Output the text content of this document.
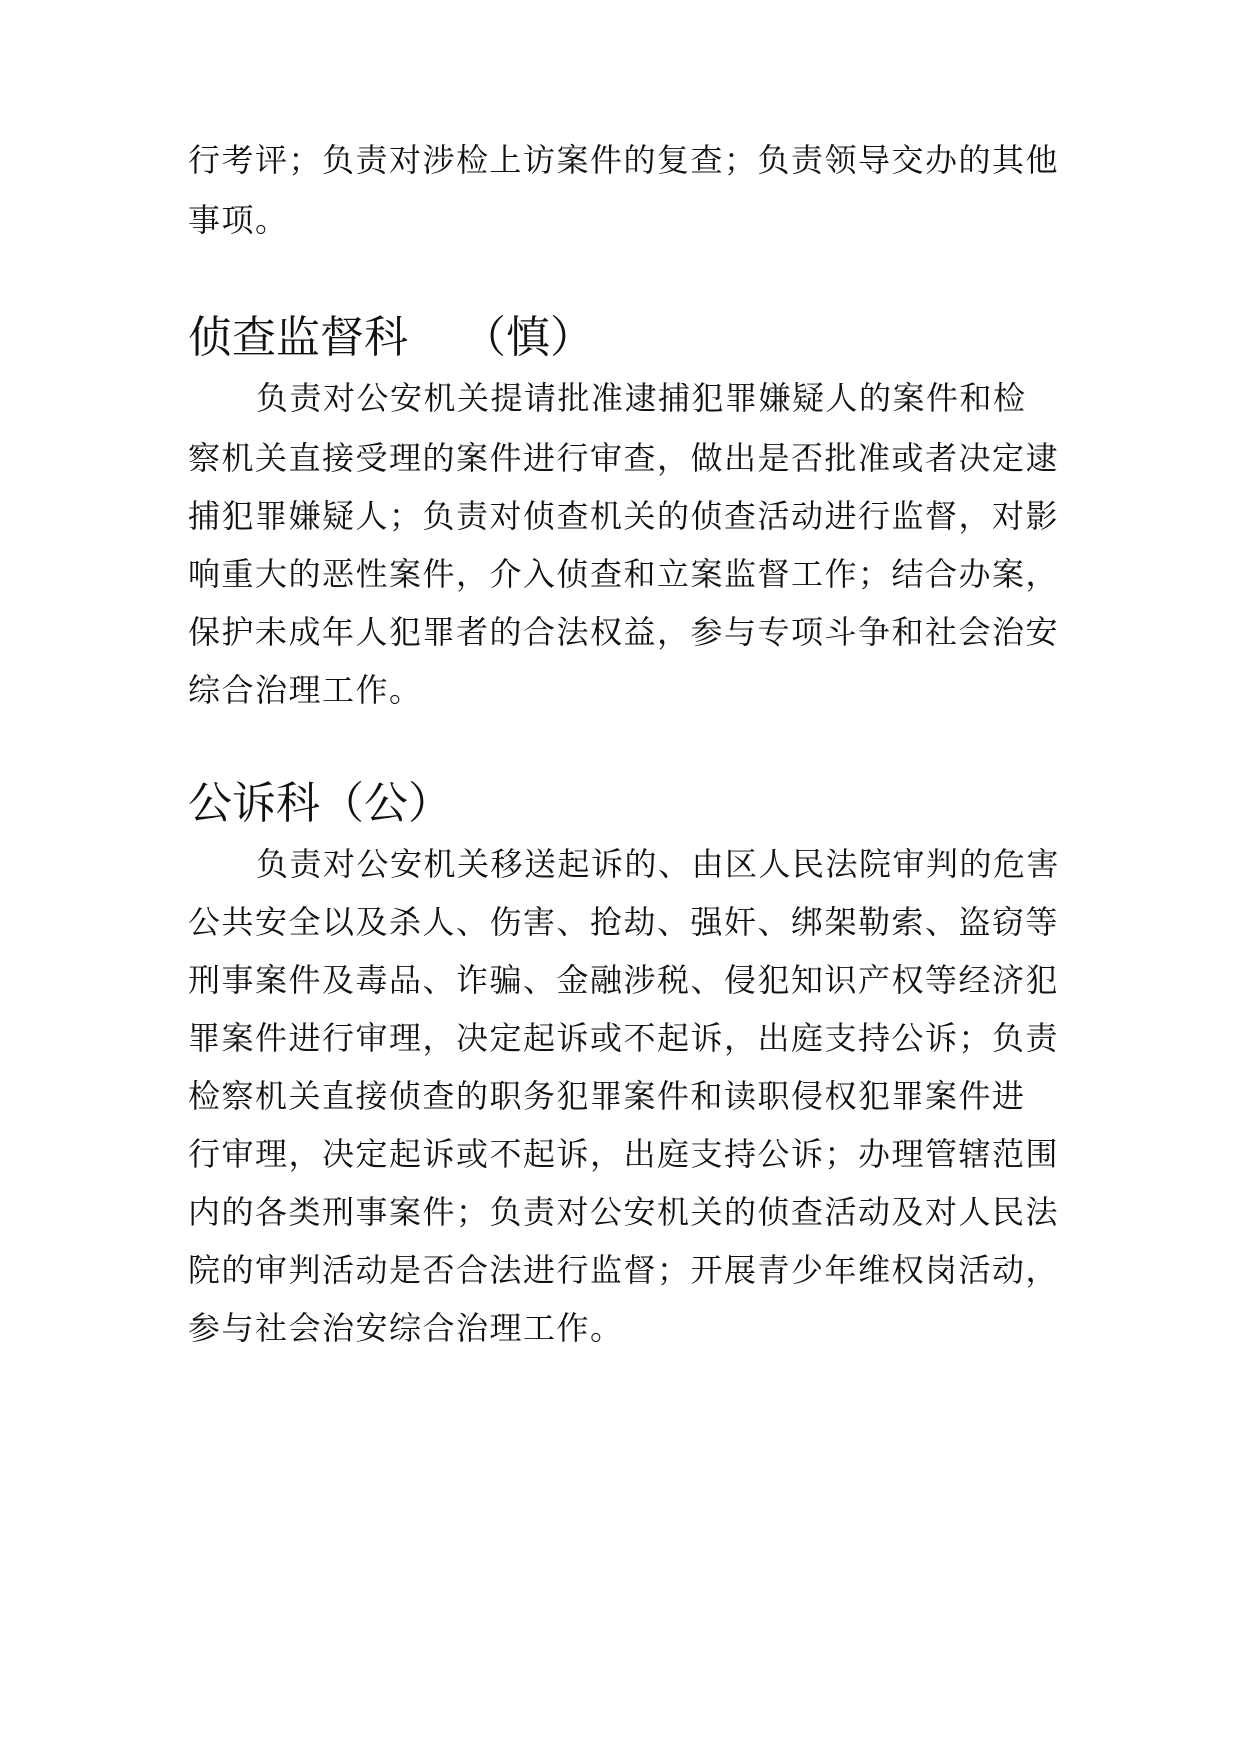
行考评；负责对涉检上访案件的复查；负责领导交办的其他
事项。
侦查监督科 （慎）
负责对公安机关提请批准逮捕犯罪嫌疑人的案件和检
察机关直接受理的案件进行审查，做出是否批准或者决定逮
捕犯罪嫌疑人；负责对侦查机关的侦查活动进行监督，对影
响重大的恶性案件，介入侦查和立案监督工作；结合办案，
保护未成年人犯罪者的合法权益，参与专项斗争和社会治安
综合治理工作。
公诉科（公）
负责对公安机关移送起诉的、由区人民法院审判的危害
公共安全以及杀人、伤害、抢劫、强奸、绑架勒索、盗窃等
刑事案件及毒品、诈骗、金融涉税、侵犯知识产权等经济犯
罪案件进行审理，决定起诉或不起诉，出庭支持公诉；负责
检察机关直接侦查的职务犯罪案件和读职侵权犯罪案件进
行审理，决定起诉或不起诉，出庭支持公诉；办理管辖范围
内的各类刑事案件；负责对公安机关的侦查活动及对人民法
院的审判活动是否合法进行监督；开展青少年维权岗活动，
参与社会治安综合治理工作。
